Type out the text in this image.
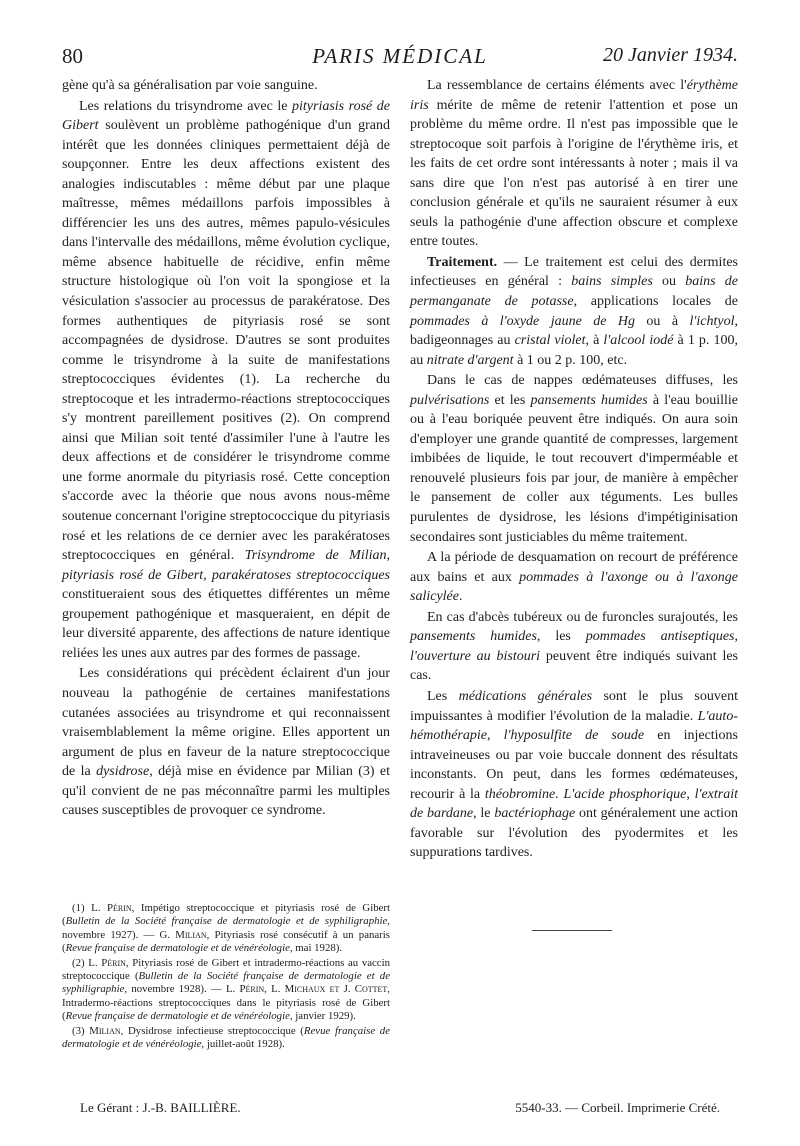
80	PARIS MÉDICAL	20 Janvier 1934.

gène qu'à sa généralisation par voie sanguine.

Les relations du trisyndrome avec le pityriasis rosé de Gibert soulèvent un problème pathogénique d'un grand intérêt que les données cliniques permettaient déjà de soupçonner. Entre les deux affections existent des analogies indiscutables : même début par une plaque maîtresse, mêmes médaillons parfois impossibles à différencier les uns des autres, mêmes papulo-vésicules dans l'intervalle des médaillons, même évolution cyclique, même absence habituelle de récidive, enfin même structure histologique où l'on voit la spongiose et la vésiculation s'associer au processus de parakératose. Des formes authentiques de pityriasis rosé se sont accompagnées de dysidrose. D'autres se sont produites comme le trisyndrome à la suite de manifestations streptococciques évidentes (1). La recherche du streptocoque et les intradermo-réactions streptococciques s'y montrent pareillement positives (2). On comprend ainsi que Milian soit tenté d'assimiler l'une à l'autre les deux affections et de considérer le trisyndrome comme une forme anormale du pityriasis rosé. Cette conception s'accorde avec la théorie que nous avons nous-même soutenue concernant l'origine streptococcique du pityriasis rosé et les relations de ce dernier avec les parakératoses streptococciques en général. Trisyndrome de Milian, pityriasis rosé de Gibert, parakératoses streptococciques constitueraient sous des étiquettes différentes un même groupement pathogénique et masqueraient, en dépit de leur diversité apparente, des affections de nature identique reliées les unes aux autres par des formes de passage.

Les considérations qui précèdent éclairent d'un jour nouveau la pathogénie de certaines manifestations cutanées associées au trisyndrome et qui reconnaissent vraisemblablement la même origine. Elles apportent un argument de plus en faveur de la nature streptococcique de la dysidrose, déjà mise en évidence par Milian (3) et qu'il convient de ne pas méconnaître parmi les multiples causes susceptibles de provoquer ce syndrome.

La ressemblance de certains éléments avec l'érythème iris mérite de même de retenir l'attention et pose un problème du même ordre. Il n'est pas impossible que le streptocoque soit parfois à l'origine de l'érythème iris, et les faits de cet ordre sont intéressants à noter ; mais il va sans dire que l'on n'est pas autorisé à en tirer une conclusion générale et qu'ils ne sauraient résumer à eux seuls la pathogénie d'une affection obscure et complexe entre toutes.

Traitement. — Le traitement est celui des dermites infectieuses en général : bains simples ou bains de permanganate de potasse, applications locales de pommades à l'oxyde jaune de Hg ou à l'ichtyol, badigeonnages au cristal violet, à l'alcool iodé à 1 p. 100, au nitrate d'argent à 1 ou 2 p. 100, etc.

Dans le cas de nappes œdémateuses diffuses, les pulvérisations et les pansements humides à l'eau bouillie ou à l'eau boriquée peuvent être indiqués. On aura soin d'employer une grande quantité de compresses, largement imbibées de liquide, le tout recouvert d'imperméable et renouvelé plusieurs fois par jour, de manière à empêcher le pansement de coller aux téguments. Les bulles purulentes de dysidrose, les lésions d'impétiginisation secondaires sont justiciables du même traitement.

A la période de desquamation on recourt de préférence aux bains et aux pommades à l'axonge ou à l'axonge salicylée.

En cas d'abcès tubéreux ou de furoncles surajoutés, les pansements humides, les pommades antiseptiques, l'ouverture au bistouri peuvent être indiqués suivant les cas.

Les médications générales sont le plus souvent impuissantes à modifier l'évolution de la maladie. L'auto-hémothérapie, l'hyposulfite de soude en injections intraveineuses ou par voie buccale donnent des résultats inconstants. On peut, dans les formes œdémateuses, recourir à la théobromine. L'acide phosphorique, l'extrait de bardane, le bactériophage ont généralement une action favorable sur l'évolution des pyodermites et les suppurations tardives.

(1) L. Périn, Impétigo streptococcique et pityriasis rosé de Gibert (Bulletin de la Société française de dermatologie et de syphiligraphie, novembre 1927). — G. Milian, Pityriasis rosé consécutif à un panaris (Revue française de dermatologie et de vénéréologie, mai 1928).

(2) L. Périn, Pityriasis rosé de Gibert et intradermo-réactions au vaccin streptococcique (Bulletin de la Société française de dermatologie et de syphiligraphie, novembre 1928). — L. Périn, L. Michaux et J. Cottet, Intradermo-réactions streptococciques dans le pityriasis rosé de Gibert (Revue française de dermatologie et de vénéréologie, janvier 1929).

(3) Milian, Dysidrose infectieuse streptococcique (Revue française de dermatologie et de vénéréologie, juillet-août 1928).

Le Gérant : J.-B. BAILLIÈRE.	5540-33. — Corbeil. Imprimerie Crété.
